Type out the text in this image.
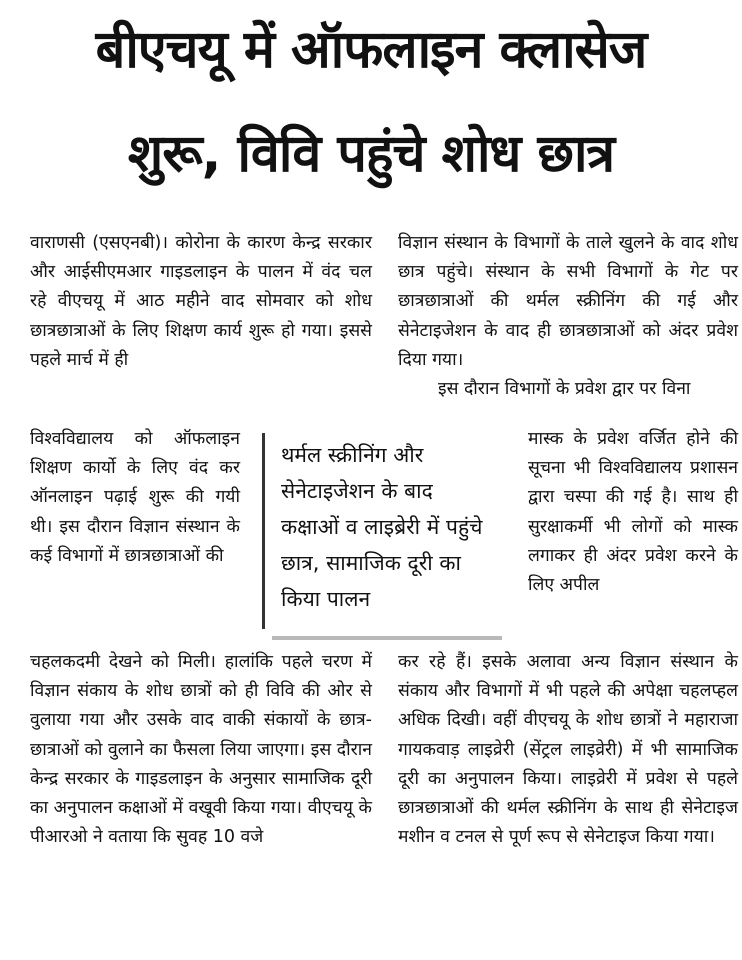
बीएचयू में ऑफलाइन क्लासेज
शुरू, विवि पहुंचे शोध छात्र

वाराणसी (एसएनबी)। कोरोना के कारण केन्द्र सरकार और आईसीएमआर गाइडलाइन के पालन में वंद चल रहे वीएचयू में आठ महीने वाद सोमवार को शोध छात्रछात्राओं के लिए शिक्षण कार्य शुरू हो गया। इससे पहले मार्च में ही

विज्ञान संस्थान के विभागों के ताले खुलने के वाद शोध छात्र पहुंचे। संस्थान के सभी विभागों के गेट पर छात्रछात्राओं की थर्मल स्क्रीनिंग की गई और सेनेटाइजेशन के वाद ही छात्रछात्राओं को अंदर प्रवेश दिया गया।

इस दौरान विभागों के प्रवेश द्वार पर विना

विश्वविद्यालय को ऑफलाइन शिक्षण कार्यो के लिए वंद कर ऑनलाइन पढ़ाई शुरू की गयी थी। इस दौरान विज्ञान संस्थान के कई विभागों में छात्रछात्राओं की

थर्मल स्क्रीनिंग और सेनेटाइजेशन के बाद कक्षाओं व लाइब्रेरी में पहुंचे छात्र, सामाजिक दूरी का किया पालन

मास्क के प्रवेश वर्जित होने की सूचना भी विश्वविद्यालय प्रशासन द्वारा चस्पा की गई है। साथ ही सुरक्षाकर्मी भी लोगों को मास्क लगाकर ही अंदर प्रवेश करने के लिए अपील

चहलकदमी देखने को मिली। हालांकि पहले चरण में विज्ञान संकाय के शोध छात्रों को ही विवि की ओर से वुलाया गया और उसके वाद वाकी संकायों के छात्र-छात्राओं को वुलाने का फैसला लिया जाएगा। इस दौरान केन्द्र सरकार के गाइडलाइन के अनुसार सामाजिक दूरी का अनुपालन कक्षाओं में वखूवी किया गया। वीएचयू के पीआरओ ने वताया कि सुवह 10 वजे

कर रहे हैं। इसके अलावा अन्य विज्ञान संस्थान के संकाय और विभागों में भी पहले की अपेक्षा चहलप्हल अधिक दिखी। वहीं वीएचयू के शोध छात्रों ने महाराजा गायकवाड़ लाइव्रेरी (सेंट्रल लाइव्रेरी) में भी सामाजिक दूरी का अनुपालन किया। लाइव्रेरी में प्रवेश से पहले छात्रछात्राओं की थर्मल स्क्रीनिंग के साथ ही सेनेटाइज मशीन व टनल से पूर्ण रूप से सेनेटाइज किया गया।
